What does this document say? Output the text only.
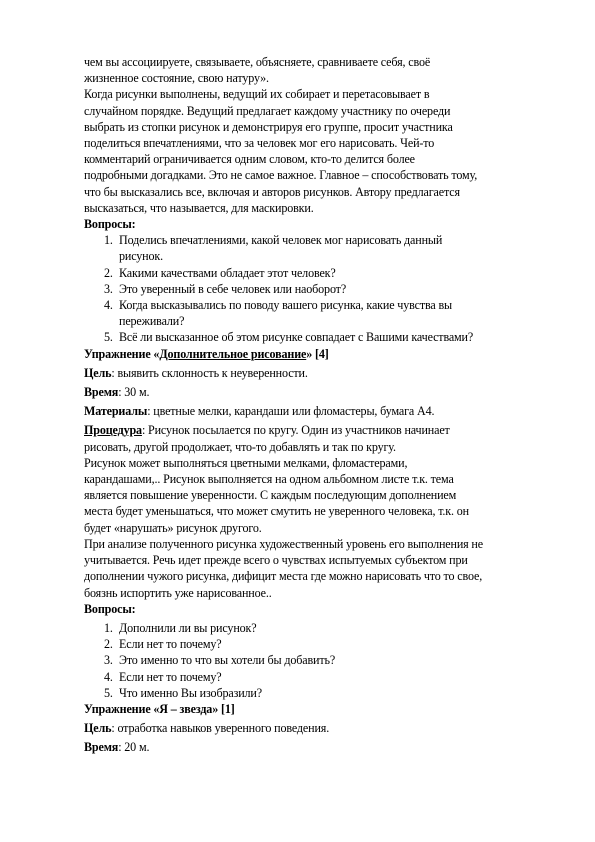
чем вы ассоциируете, связываете, объясняете, сравниваете себя, своё
жизненное состояние, свою натуру».
Когда рисунки выполнены, ведущий их собирает и перетасовывает в
случайном порядке. Ведущий предлагает каждому участнику по очереди
выбрать из стопки рисунок и демонстрируя его группе, просит участника
поделиться впечатлениями, что за человек мог его нарисовать. Чей-то
комментарий ограничивается одним словом, кто-то делится более
подробными догадками. Это не самое важное. Главное – способствовать тому,
что бы высказались все, включая и авторов рисунков. Автору предлагается
высказаться, что называется, для маскировки.
Вопросы:
1. Поделись впечатлениями, какой человек мог нарисовать данный
рисунок.
2. Какими качествами обладает этот человек?
3. Это уверенный в себе человек или наоборот?
4. Когда высказывались по поводу вашего рисунка, какие чувства вы
переживали?
5. Всё ли высказанное об этом рисунке совпадает с Вашими качествами?
Упражнение «Дополнительное рисование» [4]
Цель: выявить склонность к неуверенности.
Время: 30 м.
Материалы: цветные мелки, карандаши или фломастеры, бумага А4.
Процедура: Рисунок посылается по кругу. Один из участников начинает
рисовать, другой продолжает, что-то добавлять и так по кругу.
Рисунок может выполняться цветными мелками, фломастерами,
карандашами,.. Рисунок выполняется на одном альбомном листе т.к. тема
является повышение уверенности. С каждым последующим дополнением
места будет уменьшаться, что может смутить не уверенного человека, т.к. он
будет «нарушать» рисунок другого.
При анализе полученного рисунка художественный уровень его выполнения не
учитывается. Речь идет прежде всего о чувствах испытуемых субъектом при
дополнении чужого рисунка, дифицит места где можно нарисовать что то свое,
боязнь испортить уже нарисованное..
Вопросы:
1. Дополнили ли вы рисунок?
2. Если нет то почему?
3. Это именно то что вы хотели бы добавить?
4. Если нет то почему?
5. Что именно Вы изобразили?
Упражнение «Я – звезда» [1]
Цель: отработка навыков уверенного поведения.
Время: 20 м.
